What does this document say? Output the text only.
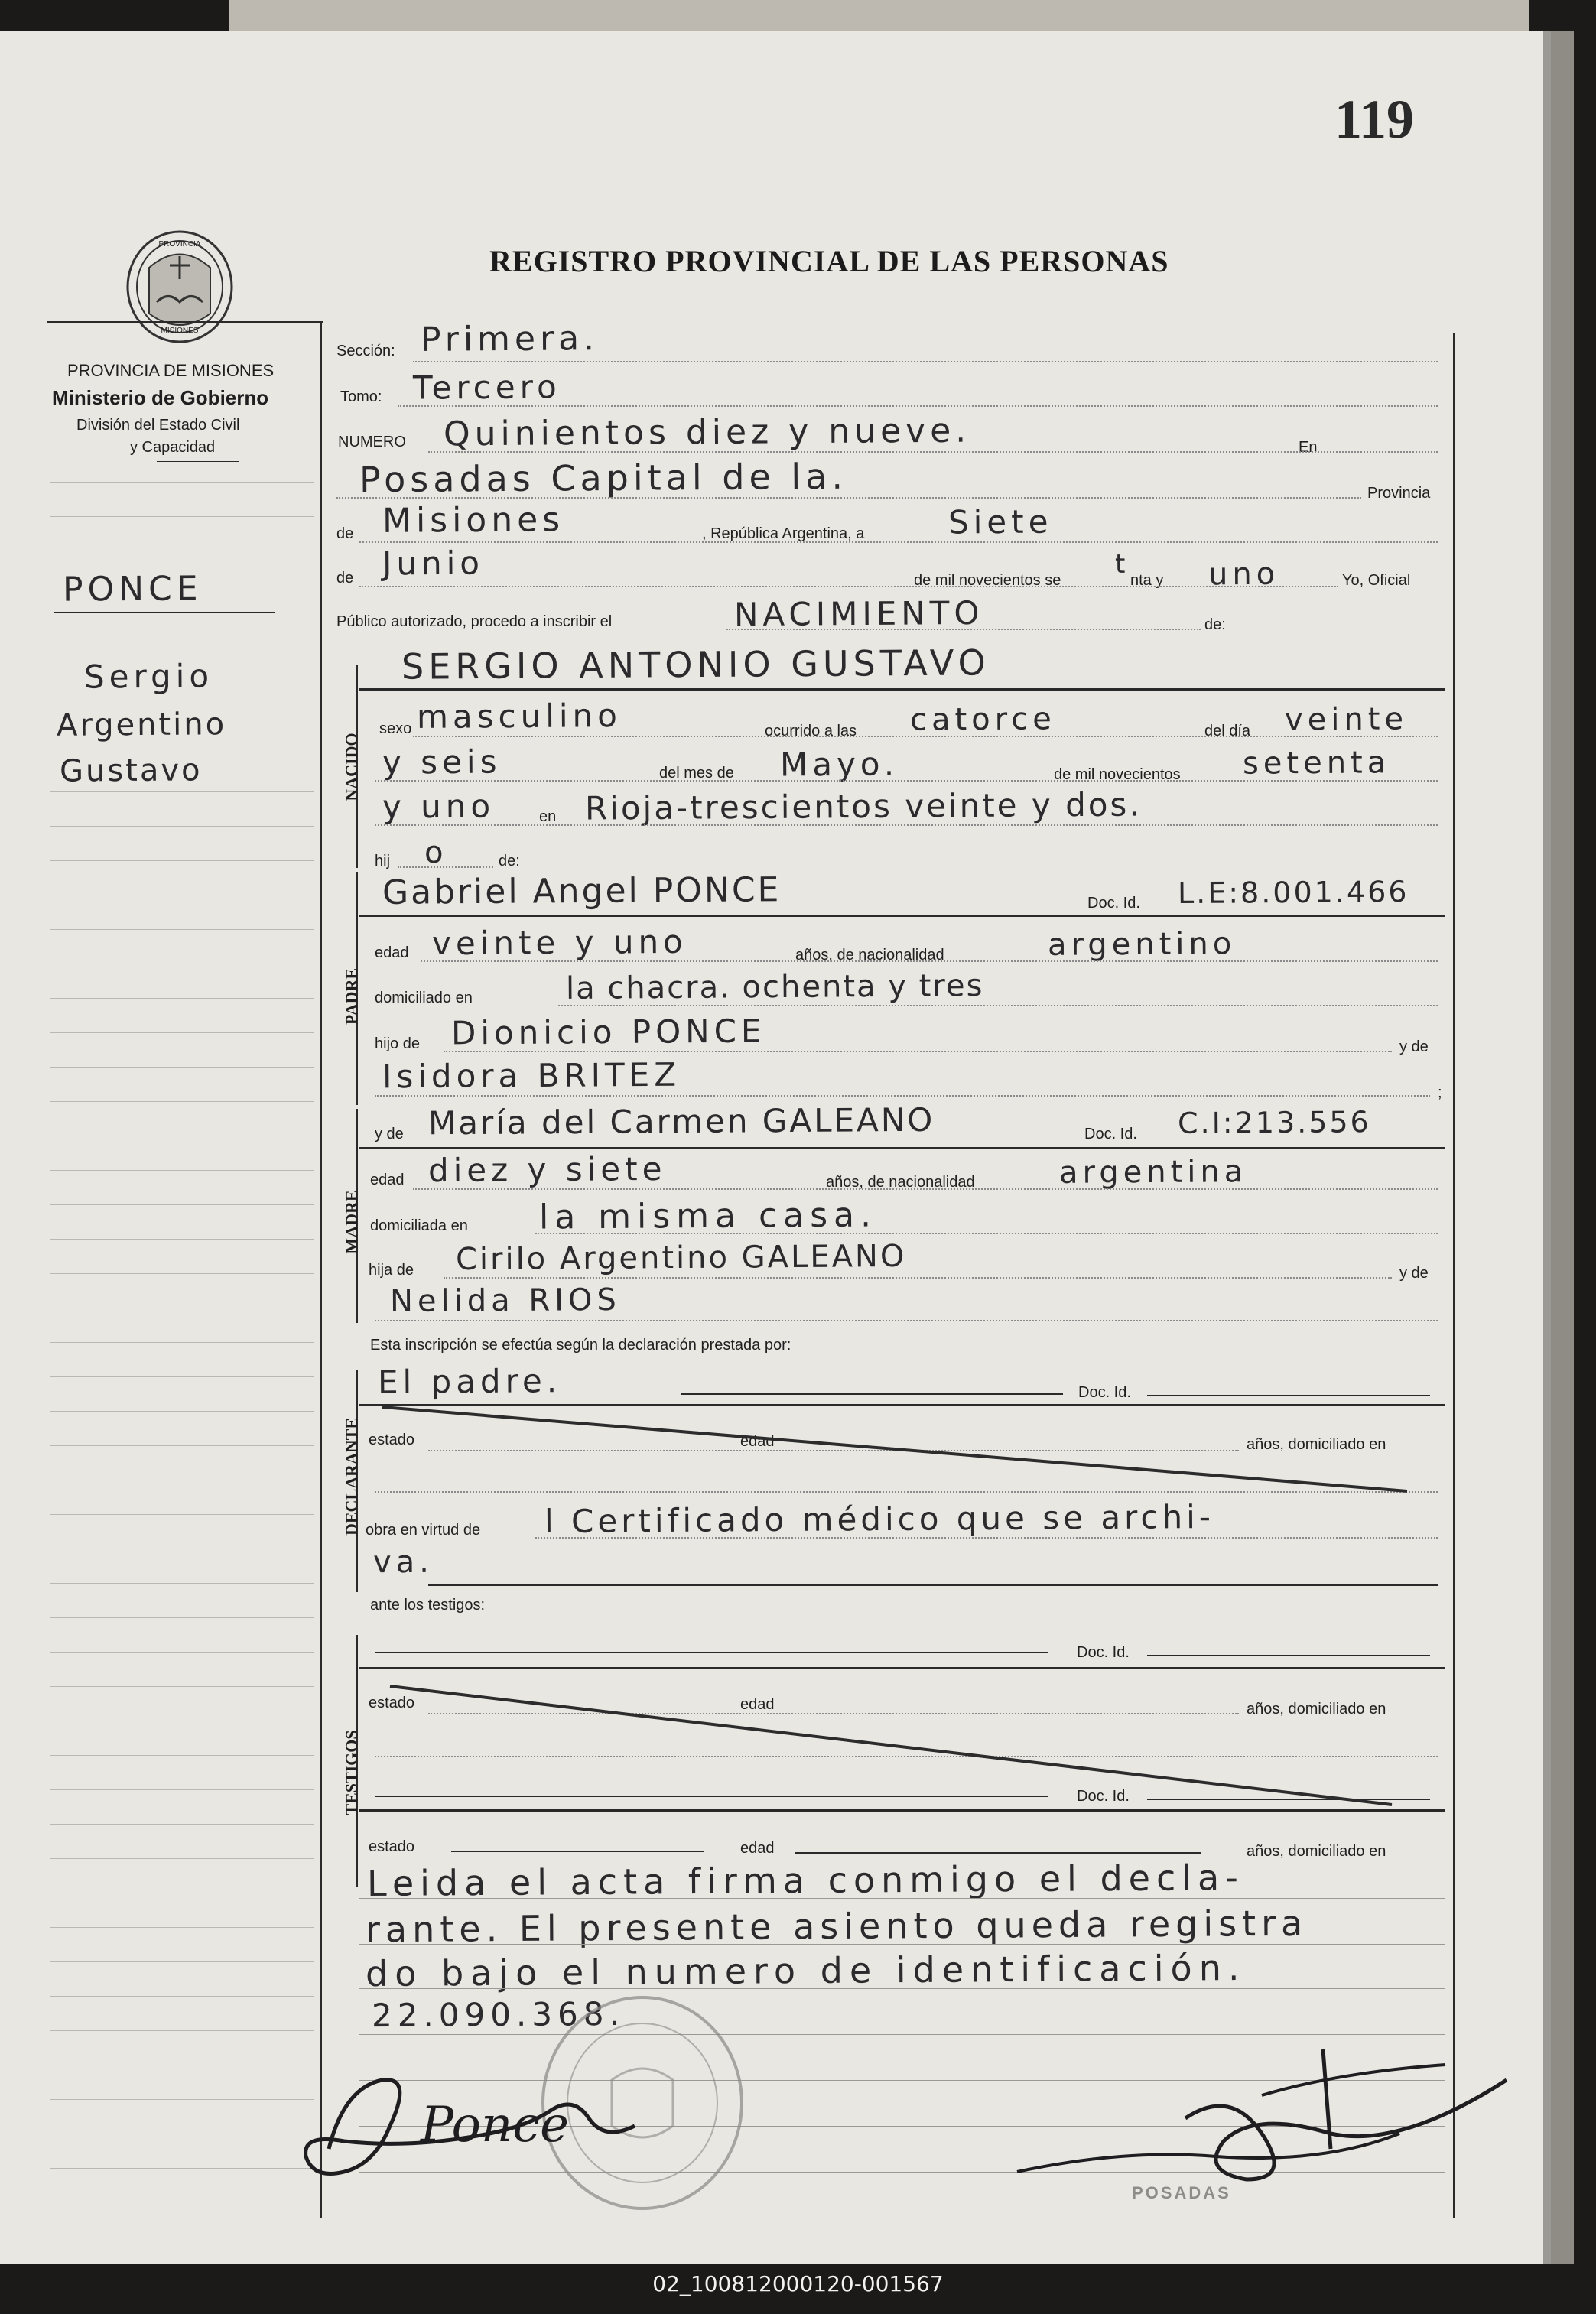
119
PROVINCIA
MISIONES
REGISTRO PROVINCIAL DE LAS PERSONAS
PROVINCIA DE MISIONES
Ministerio de Gobierno
División del Estado Civil
y Capacidad
PONCE
Sergio
Argentino
Gustavo
Sección: Primera.
Tomo: Tercero
NUMERO Quinientos diez y nueve.	En
Posadas Capital de la.	Provincia
de Misiones	, República Argentina, a	Siete
de Junio	de mil novecientos se
t
nta y uno	Yo, Oficial
Público autorizado, procedo a inscribir el	NACIMIENTO	de:
NACIDO
SERGIO ANTONIO GUSTAVO
sexo masculino	ocurrido a las catorce	del día veinte
y seis	del mes de Mayo.	de mil novecientos setenta
y uno	en Rioja-trescientos veinte y dos.
hij o	de:
PADRE
Gabriel Angel PONCE	Doc. Id. L.E:8.001.466
edad veinte y uno	años, de nacionalidad	argentino
domiciliado en	la chacra. ochenta y tres
hijo de Dionicio PONCE	y de
Isidora BRITEZ	;
MADRE
y de María del Carmen GALEANO	Doc. Id. C.I:213.556
edad diez y siete	años, de nacionalidad	argentina
domiciliada en la misma casa.
hija de Cirilo Argentino GALEANO	y de
Nelida RIOS
Esta inscripción se efectúa según la declaración prestada por:
DECLARANTE
El padre.	Doc. Id.
estado	edad	años, domiciliado en
obra en virtud de l Certificado médico que se archi-
va.
ante los testigos:
TESTIGOS
Doc. Id.
estado	edad	años, domiciliado en
Doc. Id.
estado	edad	años, domiciliado en
Leida el acta firma conmigo el decla-
rante. El presente asiento queda registra
do bajo el numero de identificación.
22.090.368.
POSADAS
Ponce
02_100812000120-001567
